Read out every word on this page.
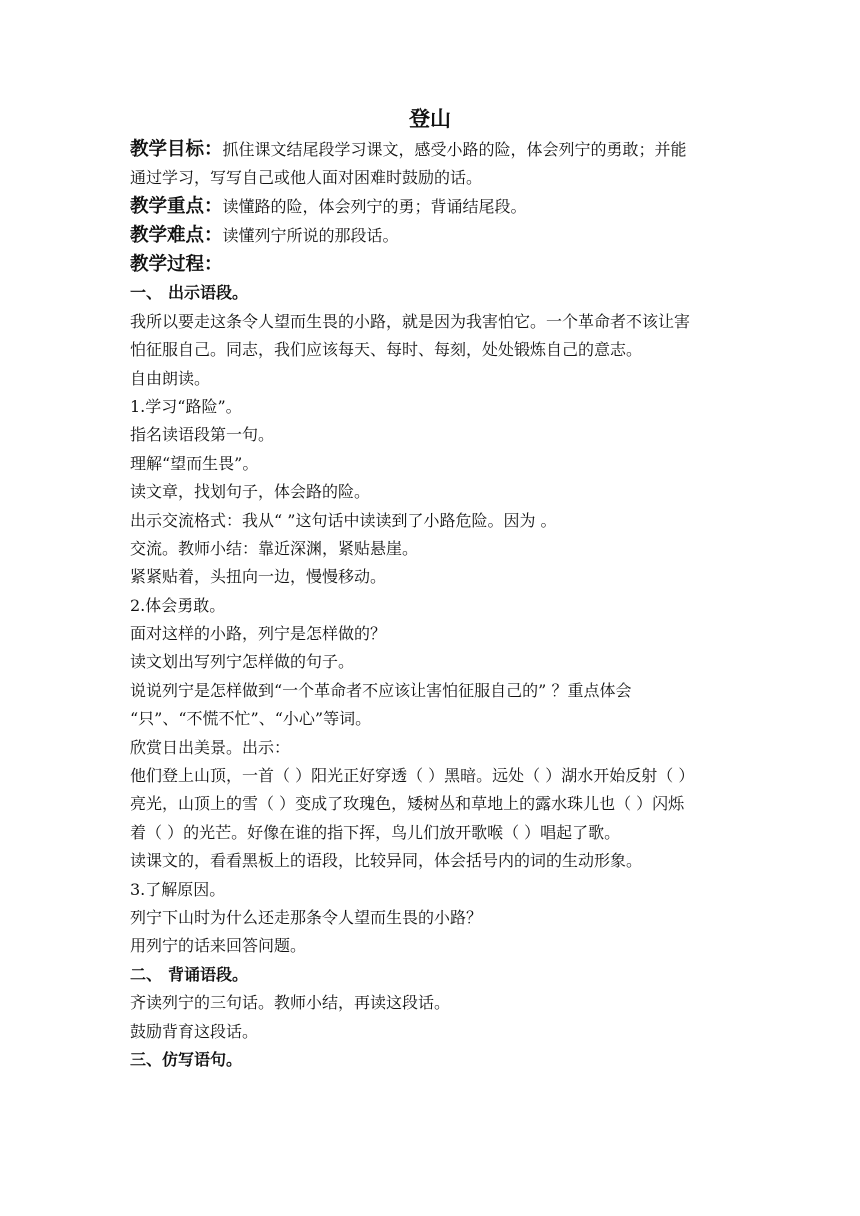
登山
教学目标：抓住课文结尾段学习课文，感受小路的险，体会列宁的勇敢；并能
通过学习，写写自己或他人面对困难时鼓励的话。
教学重点：读懂路的险，体会列宁的勇；背诵结尾段。
教学难点：读懂列宁所说的那段话。
教学过程：
一、 出示语段。
我所以要走这条令人望而生畏的小路，就是因为我害怕它。一个革命者不该让害
怕征服自己。同志，我们应该每天、每时、每刻，处处锻炼自己的意志。
自由朗读。
1.学习“路险”。
指名读语段第一句。
理解“望而生畏”。
读文章，找划句子，体会路的险。
出示交流格式：我从“ ”这句话中读读到了小路危险。因为 。
交流。教师小结：靠近深渊，紧贴悬崖。
紧紧贴着，头扭向一边，慢慢移动。
2.体会勇敢。
面对这样的小路，列宁是怎样做的？
读文划出写列宁怎样做的句子。
说说列宁是怎样做到“一个革命者不应该让害怕征服自己的” ？重点体会
“只”、“不慌不忙”、“小心”等词。
欣赏日出美景。出示：
他们登上山顶，一首（ ）阳光正好穿透（ ）黑暗。远处（ ）湖水开始反射（ ）
亮光，山顶上的雪（ ）变成了玫瑰色，矮树丛和草地上的露水珠儿也（ ）闪烁
着（ ）的光芒。好像在谁的指下挥，鸟儿们放开歌喉（ ）唱起了歌。
读课文的，看看黑板上的语段，比较异同，体会括号内的词的生动形象。
3.了解原因。
列宁下山时为什么还走那条令人望而生畏的小路？
用列宁的话来回答问题。
二、 背诵语段。
齐读列宁的三句话。教师小结，再读这段话。
鼓励背育这段话。
三、仿写语句。
